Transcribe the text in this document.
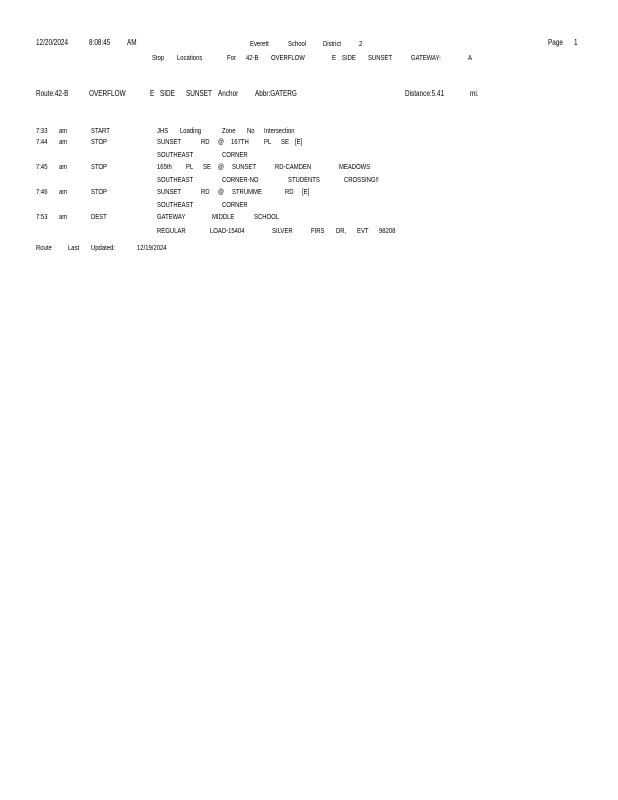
12/20/2024	8:08:45 AM	Everett	School District 2	Page 1
Stop Locations	For 42-B OVERFLOW	E SIDE SUNSET	GATEWAY-	A
Route:42-B	OVERFLOW	E SIDE SUNSET Anchor Abbr:GATERG	Distance:5.41	mi.
7:33 am	START	JHS Loading	Zone No Intersection
7:44 am	STOP	SUNSET	RD @ 167TH PL SE [E]
SOUTHEAST	CORNER
7:45 am	STOP	165th PL SE @ SUNSET	RD-CAMDEN	MEADOWS
SOUTHEAST	CORNER-NO	STUDENTS	CROSSING!!
7:46 am	STOP	SUNSET	RD @ STRUMME	RD [E]
SOUTHEAST	CORNER
7:53 am	DEST	GATEWAY	MIDDLE	SCHOOL
REGULAR	LOAD-15404	SILVER FIRS DR, EVT 98208
Route Last Updated:	12/19/2024
